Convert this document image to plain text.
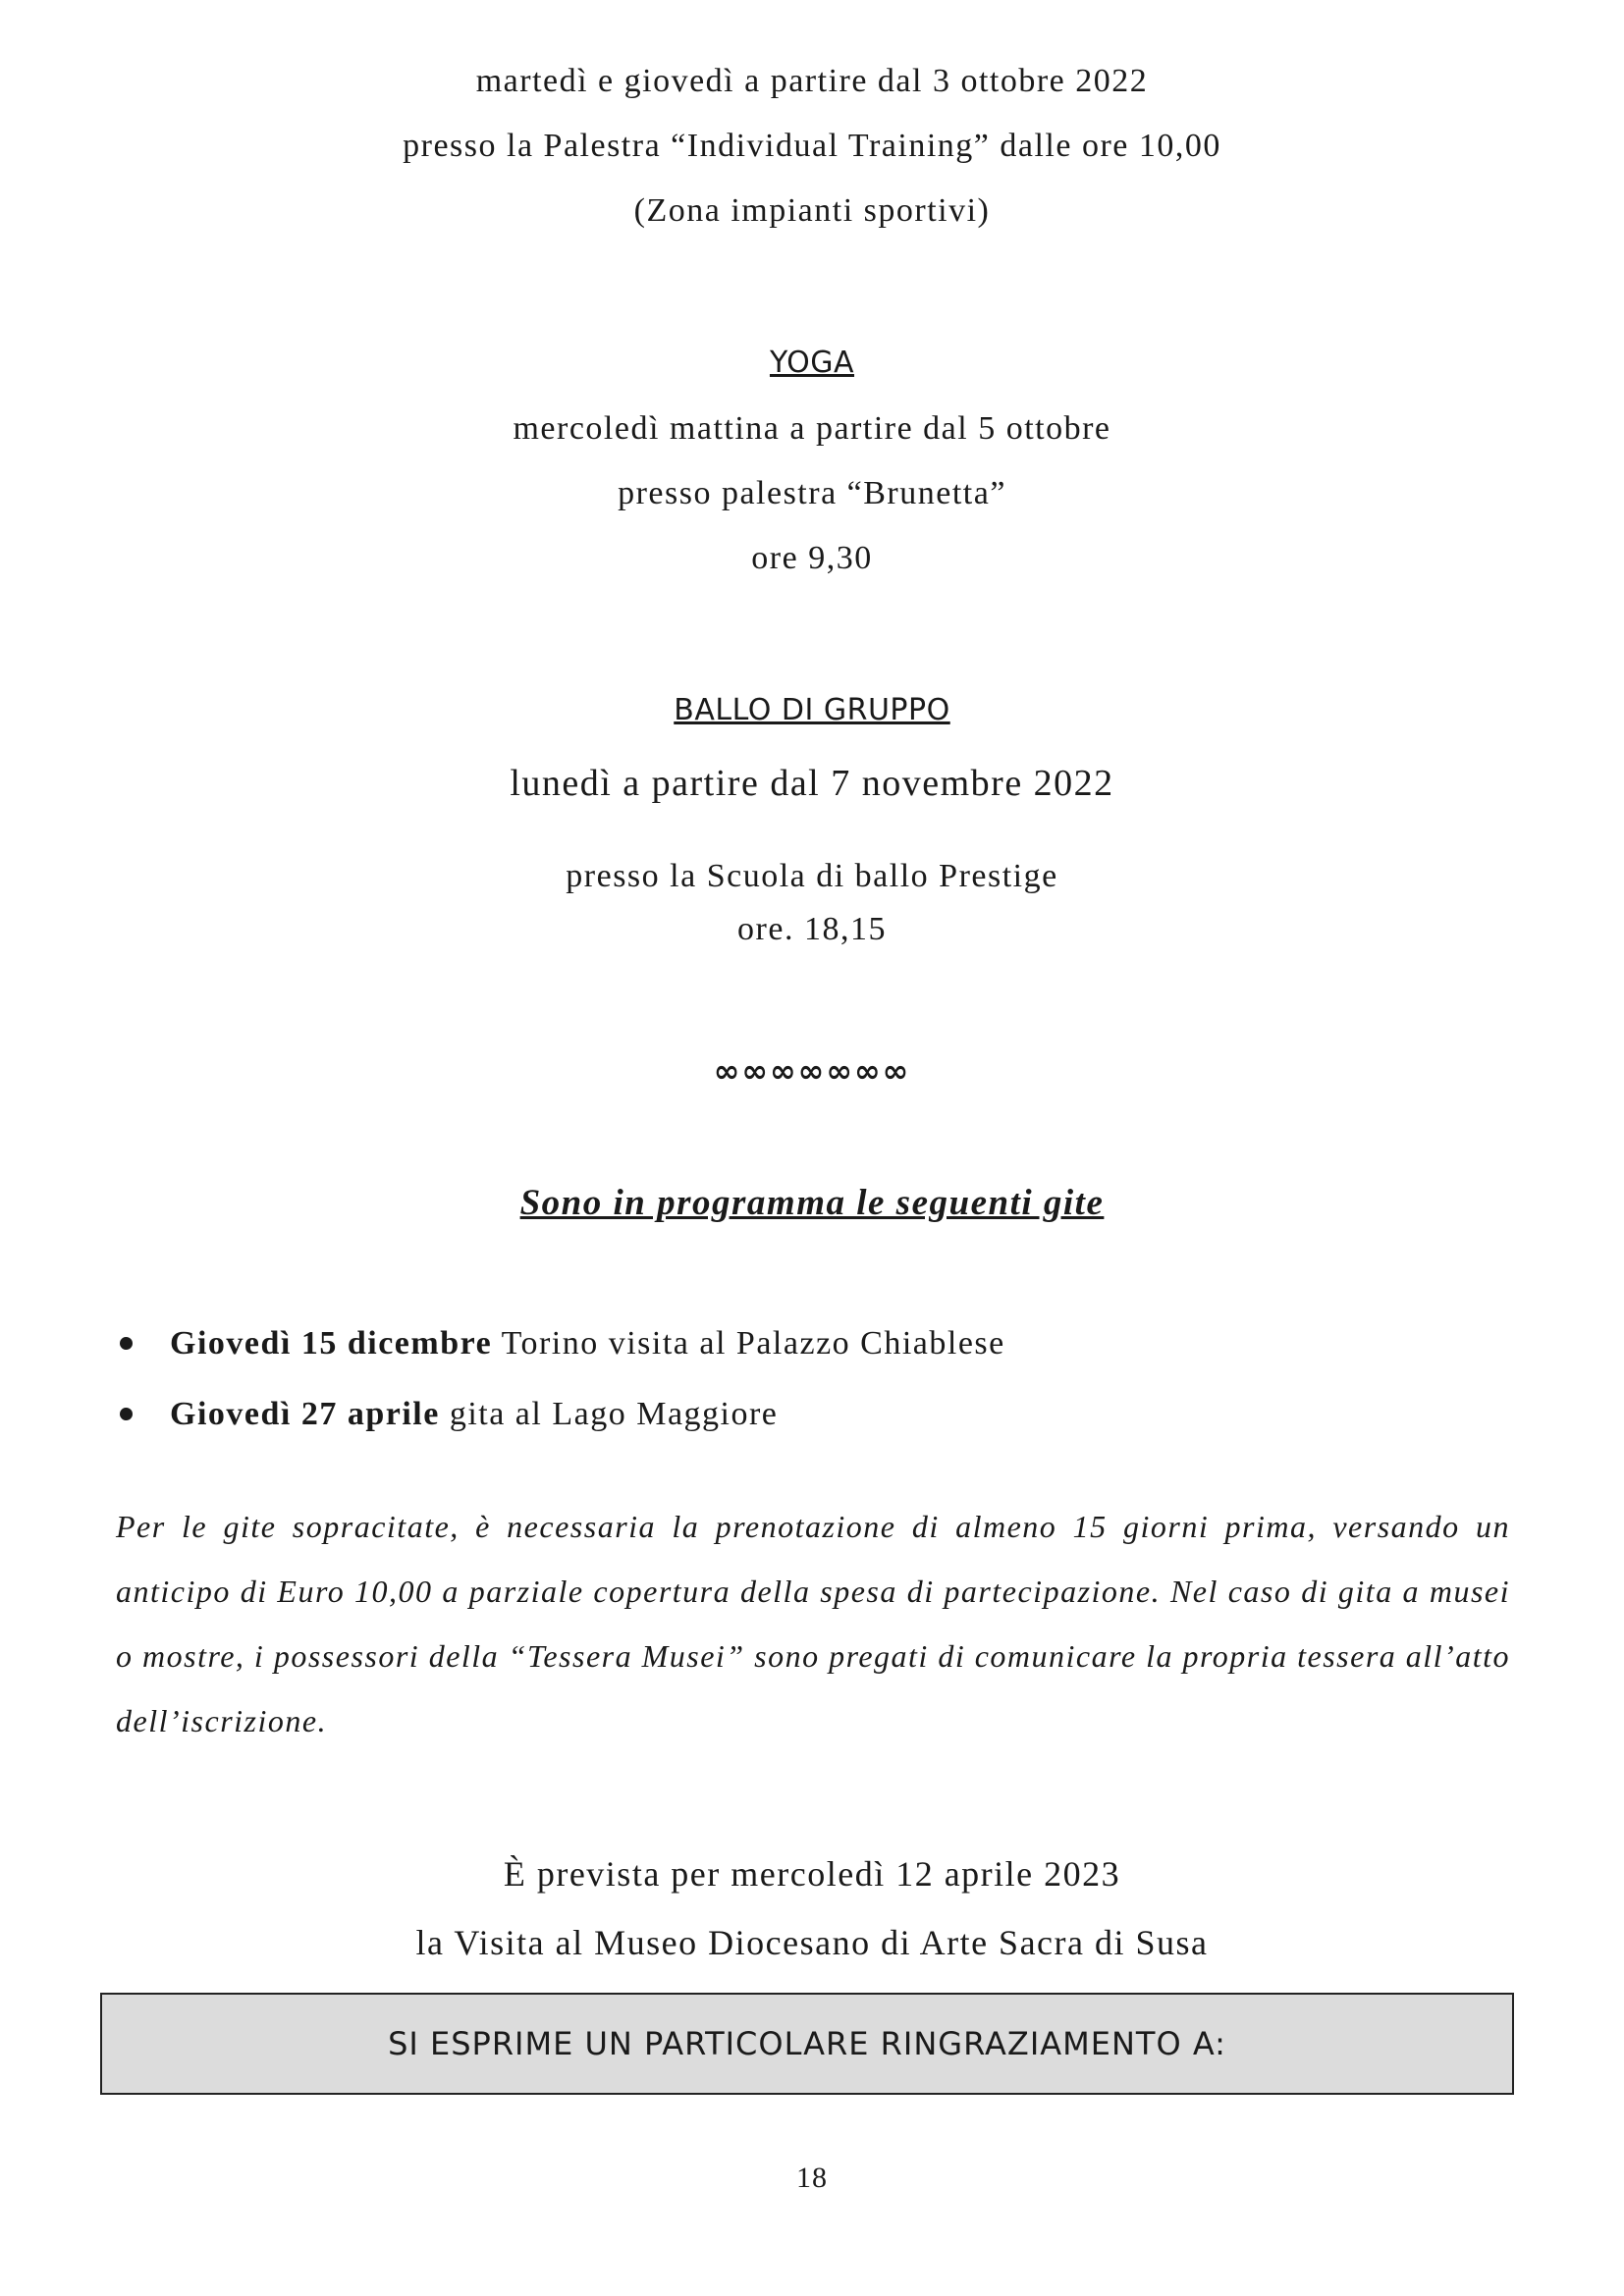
martedì e giovedì a partire dal 3 ottobre 2022
presso la Palestra “Individual Training” dalle ore 10,00
(Zona impianti sportivi)
YOGA
mercoledì mattina a partire dal 5 ottobre
presso palestra “Brunetta”
ore 9,30
BALLO DI GRUPPO
lunedì a partire dal 7 novembre 2022
presso la Scuola di ballo Prestige
ore. 18,15
∞∞∞∞∞∞∞
Sono in programma le seguenti gite
Giovedì 15 dicembre Torino visita al Palazzo Chiablese
Giovedì 27 aprile gita al Lago Maggiore
Per le gite sopracitate, è necessaria la prenotazione di almeno 15 giorni prima, versando un anticipo di Euro 10,00 a parziale copertura della spesa di partecipazione. Nel caso di gita a musei o mostre, i possessori della “Tessera Musei” sono pregati di comunicare la propria tessera all’atto dell’iscrizione.
È prevista per mercoledì 12 aprile 2023
la Visita al Museo Diocesano di Arte Sacra di Susa
SI ESPRIME UN PARTICOLARE RINGRAZIAMENTO A:
18
